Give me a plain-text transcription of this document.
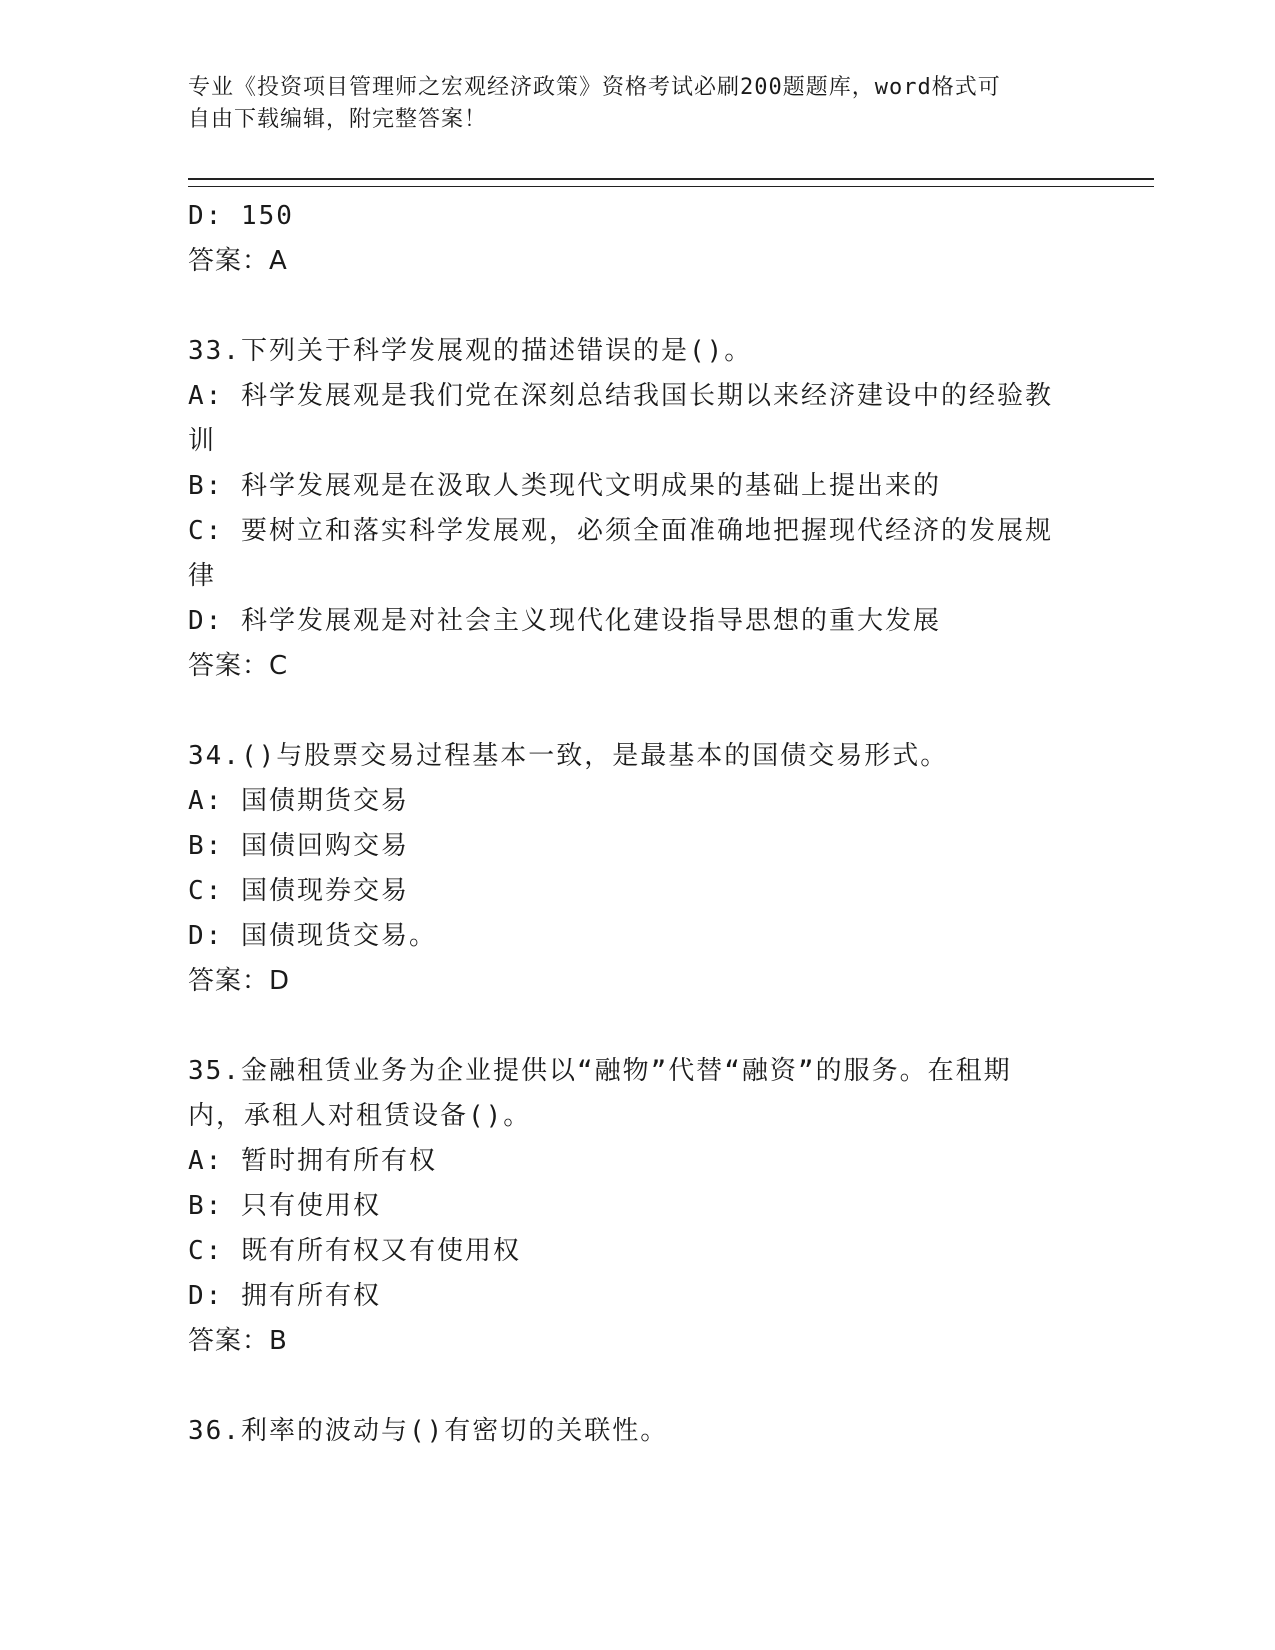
专业《投资项目管理师之宏观经济政策》资格考试必刷200题题库，word格式可
自由下载编辑，附完整答案！
D: 150
答案：A
33.下列关于科学发展观的描述错误的是()。
A: 科学发展观是我们党在深刻总结我国长期以来经济建设中的经验教
训
B: 科学发展观是在汲取人类现代文明成果的基础上提出来的
C: 要树立和落实科学发展观，必须全面准确地把握现代经济的发展规
律
D: 科学发展观是对社会主义现代化建设指导思想的重大发展
答案：C
34.()与股票交易过程基本一致，是最基本的国债交易形式。
A: 国债期货交易
B: 国债回购交易
C: 国债现券交易
D: 国债现货交易。
答案：D
35.金融租赁业务为企业提供以“融物”代替“融资”的服务。在租期
内，承租人对租赁设备()。
A: 暂时拥有所有权
B: 只有使用权
C: 既有所有权又有使用权
D: 拥有所有权
答案：B
36.利率的波动与()有密切的关联性。
